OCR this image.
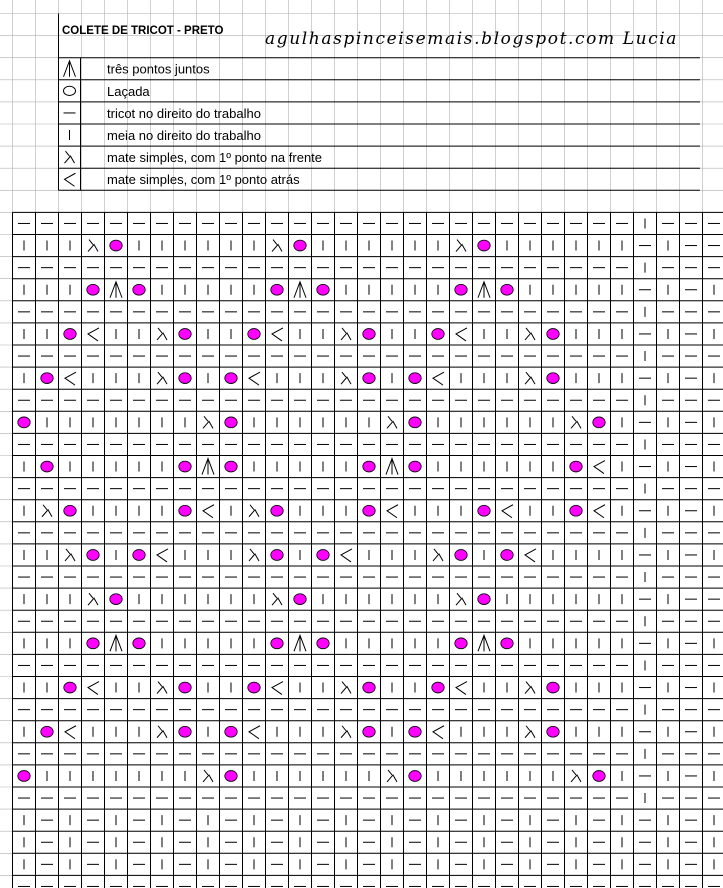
três pontos juntos
Laçada
tricot no direito do trabalho
meia no direito do trabalho
mate simples, com 1º ponto na frente
mate simples, com 1º ponto atrás
COLETE DE TRICOT - PRETO agulhaspinceisemais.blogspot.com Lucia
